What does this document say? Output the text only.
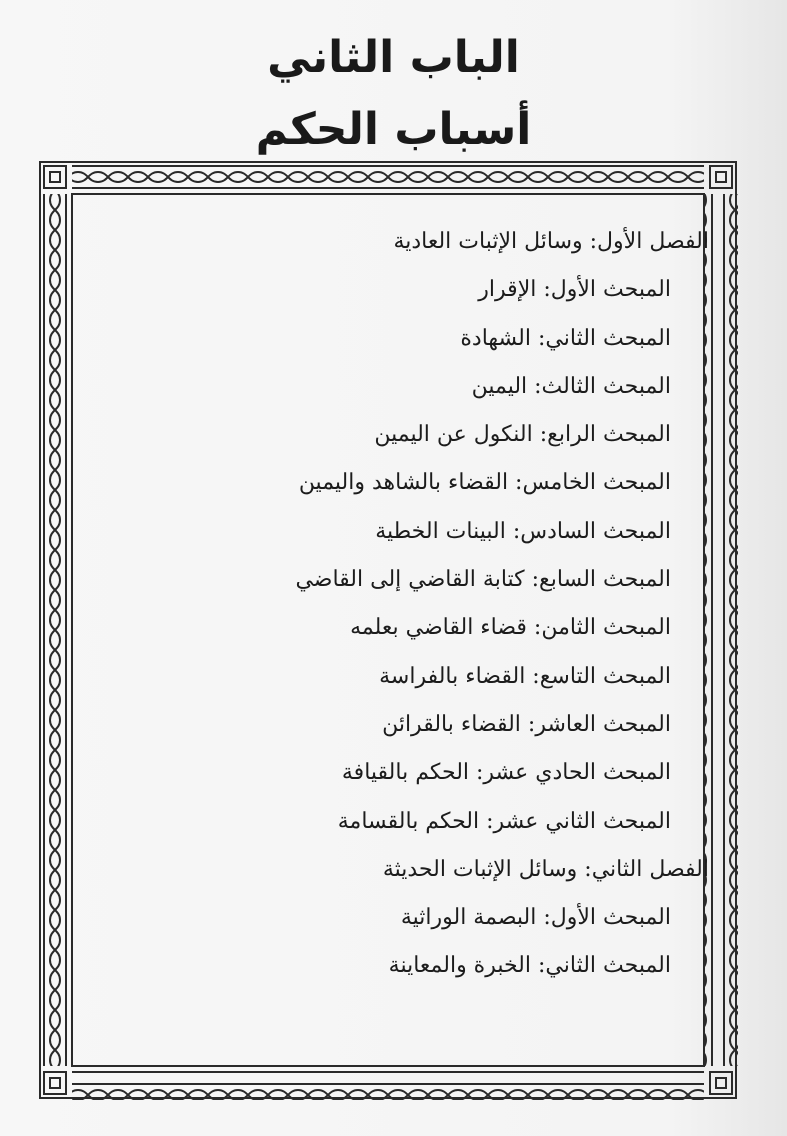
الباب الثاني
أسباب الحكم
الفصل الأول: وسائل الإثبات العادية
المبحث الأول: الإقرار
المبحث الثاني: الشهادة
المبحث الثالث: اليمين
المبحث الرابع: النكول عن اليمين
المبحث الخامس: القضاء بالشاهد واليمين
المبحث السادس: البينات الخطية
المبحث السابع: كتابة القاضي إلى القاضي
المبحث الثامن: قضاء القاضي بعلمه
المبحث التاسع: القضاء بالفراسة
المبحث العاشر: القضاء بالقرائن
المبحث الحادي عشر: الحكم بالقيافة
المبحث الثاني عشر: الحكم بالقسامة
الفصل الثاني: وسائل الإثبات الحديثة
المبحث الأول: البصمة الوراثية
المبحث الثاني: الخبرة والمعاينة
